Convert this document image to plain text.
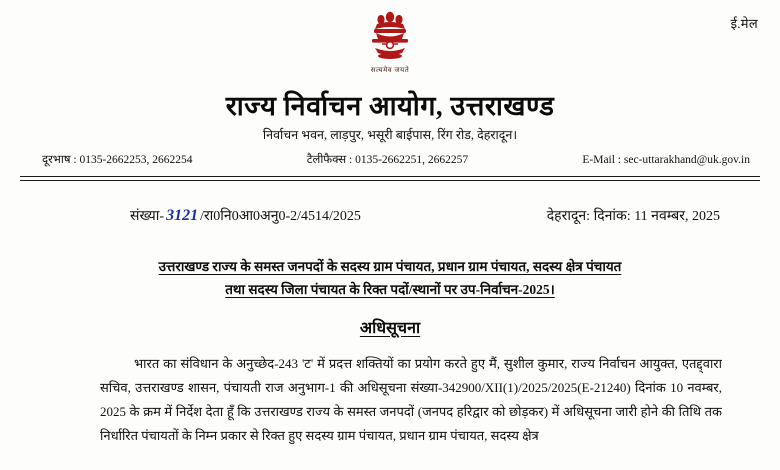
ई.मेल
सत्यमेव जयते
राज्य निर्वाचन आयोग, उत्तराखण्ड
निर्वाचन भवन, लाड़पुर, भसूरी बाईपास, रिंग रोड, देहरादून।
दूरभाष : 0135-2662253, 2662254	टैलीफैक्स : 0135-2662251, 2662257	E-Mail : sec-uttarakhand@uk.gov.in
संख्या- 3121 /रा0नि0आ0अनु0-2/4514/2025	देहरादून: दिनांक: 11 नवम्बर, 2025
उत्तराखण्ड राज्य के समस्त जनपदों के सदस्य ग्राम पंचायत, प्रधान ग्राम पंचायत, सदस्य क्षेत्र पंचायत
तथा सदस्य जिला पंचायत के रिक्त पदों/स्थानों पर उप-निर्वाचन-2025।
अधिसूचना

भारत का संविधान के अनुच्छेद-243 'ट' में प्रदत्त शक्तियों का प्रयोग करते हुए मैं, सुशील कुमार, राज्य निर्वाचन आयुक्त, एतद्द्वारा सचिव, उत्तराखण्ड शासन, पंचायती राज अनुभाग-1 की अधिसूचना संख्या-342900/XII(1)/2025/2025(E-21240) दिनांक 10 नवम्बर, 2025 के क्रम में निर्देश देता हूँ कि उत्तराखण्ड राज्य के समस्त जनपदों (जनपद हरिद्वार को छोड़कर) में अधिसूचना जारी होने की तिथि तक निर्धारित पंचायतों के निम्न प्रकार से रिक्त हुए सदस्य ग्राम पंचायत, प्रधान ग्राम पंचायत, सदस्य क्षेत्र
